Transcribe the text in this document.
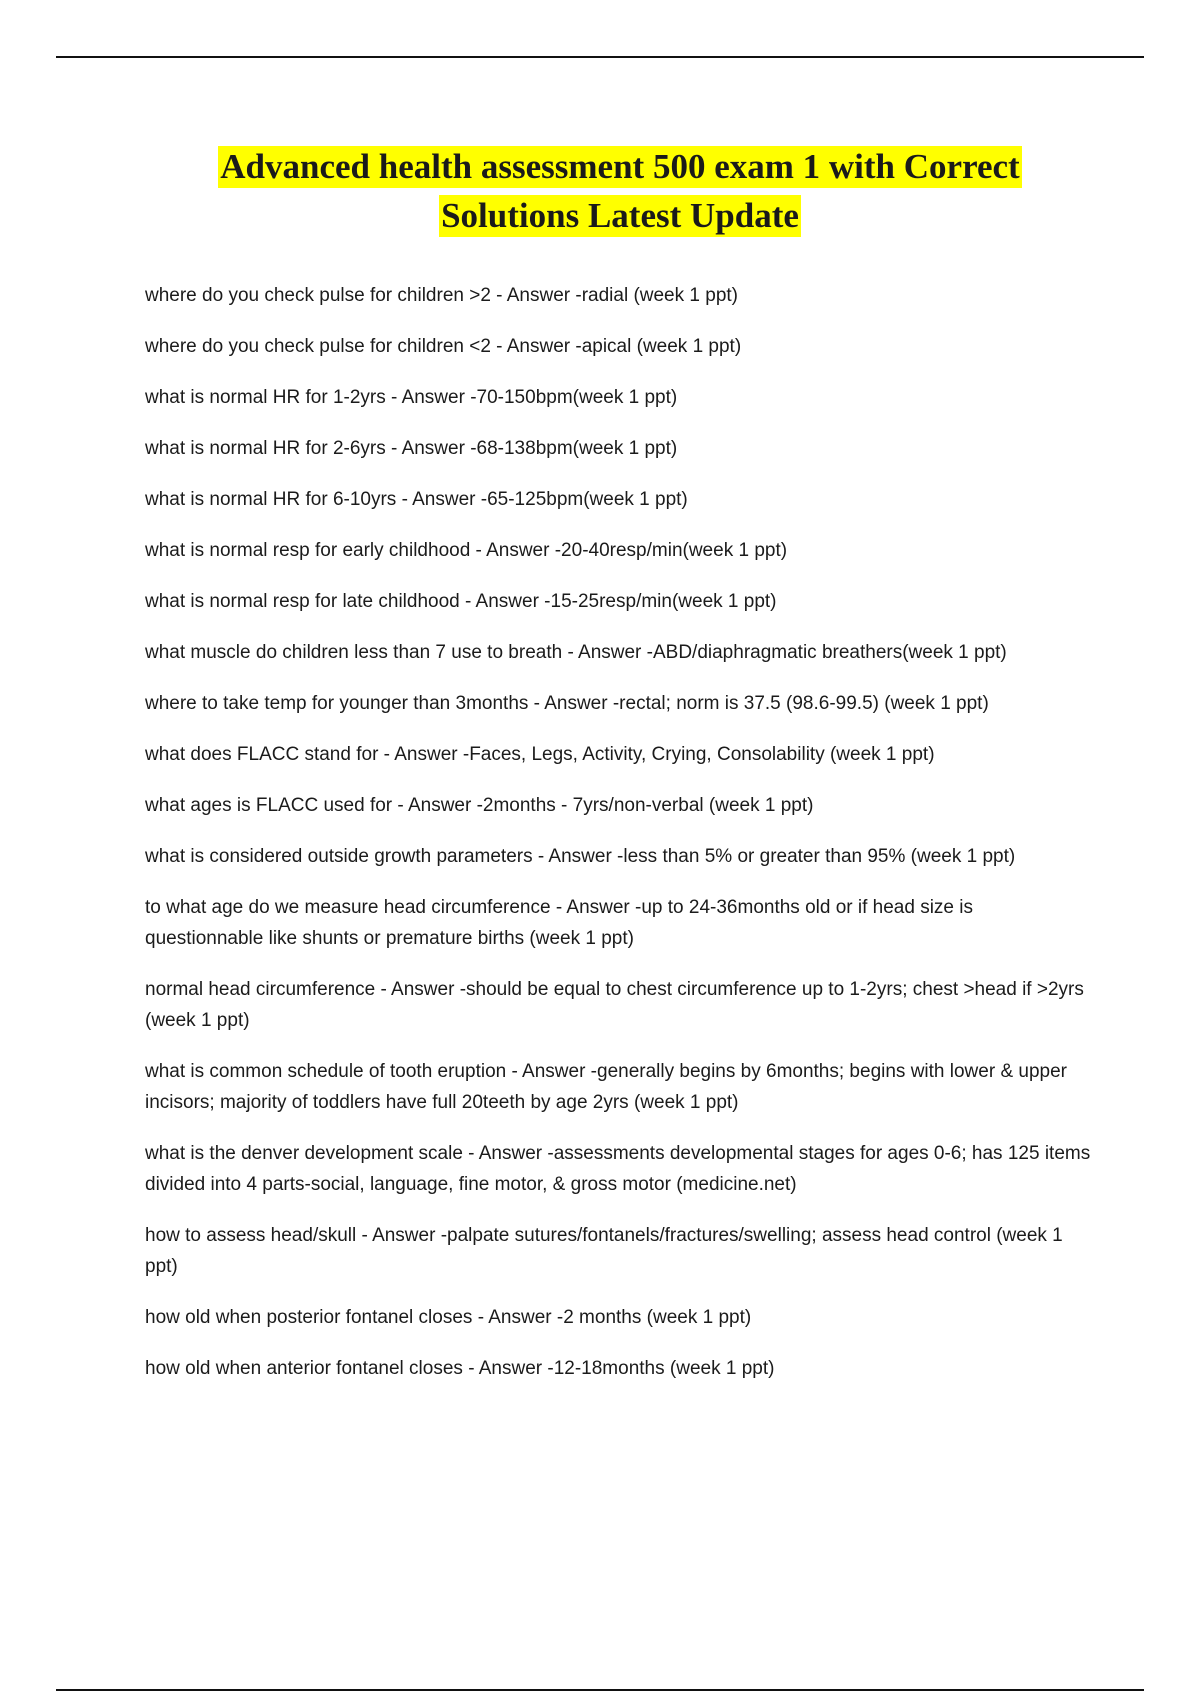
Advanced health assessment 500 exam 1 with Correct
Solutions Latest Update

where do you check pulse for children >2 - Answer -radial (week 1 ppt)

where do you check pulse for children <2 - Answer -apical (week 1 ppt)

what is normal HR for 1-2yrs - Answer -70-150bpm(week 1 ppt)

what is normal HR for 2-6yrs - Answer -68-138bpm(week 1 ppt)

what is normal HR for 6-10yrs - Answer -65-125bpm(week 1 ppt)

what is normal resp for early childhood - Answer -20-40resp/min(week 1 ppt)

what is normal resp for late childhood - Answer -15-25resp/min(week 1 ppt)

what muscle do children less than 7 use to breath - Answer -ABD/diaphragmatic breathers(week 1 ppt)

where to take temp for younger than 3months - Answer -rectal; norm is 37.5 (98.6-99.5) (week 1 ppt)

what does FLACC stand for - Answer -Faces, Legs, Activity, Crying, Consolability (week 1 ppt)

what ages is FLACC used for - Answer -2months - 7yrs/non-verbal (week 1 ppt)

what is considered outside growth parameters - Answer -less than 5% or greater than 95% (week 1 ppt)

to what age do we measure head circumference - Answer -up to 24-36months old or if head size is questionnable like shunts or premature births (week 1 ppt)

normal head circumference - Answer -should be equal to chest circumference up to 1-2yrs; chest >head if >2yrs (week 1 ppt)

what is common schedule of tooth eruption - Answer -generally begins by 6months; begins with lower & upper incisors; majority of toddlers have full 20teeth by age 2yrs (week 1 ppt)

what is the denver development scale - Answer -assessments developmental stages for ages 0-6; has 125 items divided into 4 parts-social, language, fine motor, & gross motor (medicine.net)

how to assess head/skull - Answer -palpate sutures/fontanels/fractures/swelling; assess head control (week 1 ppt)

how old when posterior fontanel closes - Answer -2 months (week 1 ppt)

how old when anterior fontanel closes - Answer -12-18months (week 1 ppt)
